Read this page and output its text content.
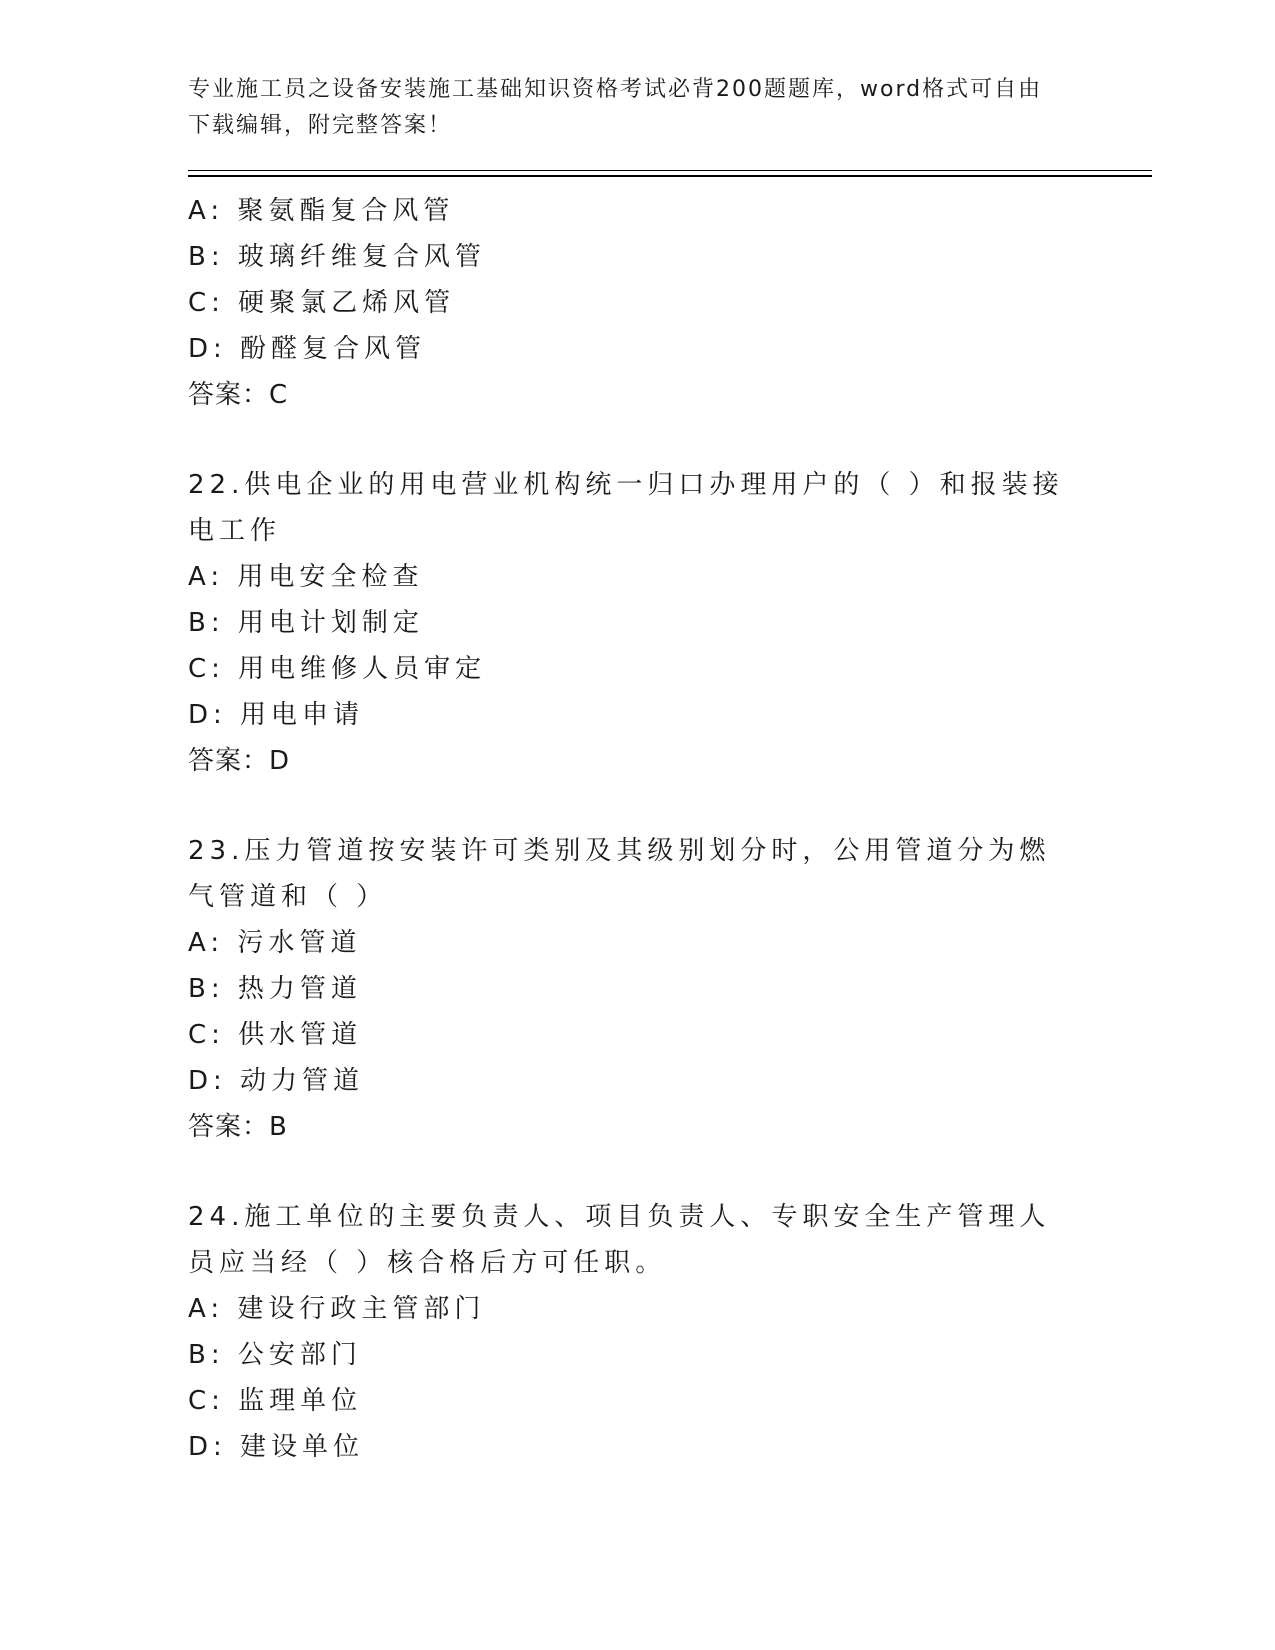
专业施工员之设备安装施工基础知识资格考试必背200题题库，word格式可自由
下载编辑，附完整答案！
A: 聚氨酯复合风管
B: 玻璃纤维复合风管
C: 硬聚氯乙烯风管
D: 酚醛复合风管
答案：C
22.供电企业的用电营业机构统一归口办理用户的（ ）和报装接电工作
A: 用电安全检查
B: 用电计划制定
C: 用电维修人员审定
D: 用电申请
答案：D
23.压力管道按安装许可类别及其级别划分时，公用管道分为燃气管道和（ ）
A: 污水管道
B: 热力管道
C: 供水管道
D: 动力管道
答案：B
24.施工单位的主要负责人、项目负责人、专职安全生产管理人员应当经（ ）核合格后方可任职。
A: 建设行政主管部门
B: 公安部门
C: 监理单位
D: 建设单位
